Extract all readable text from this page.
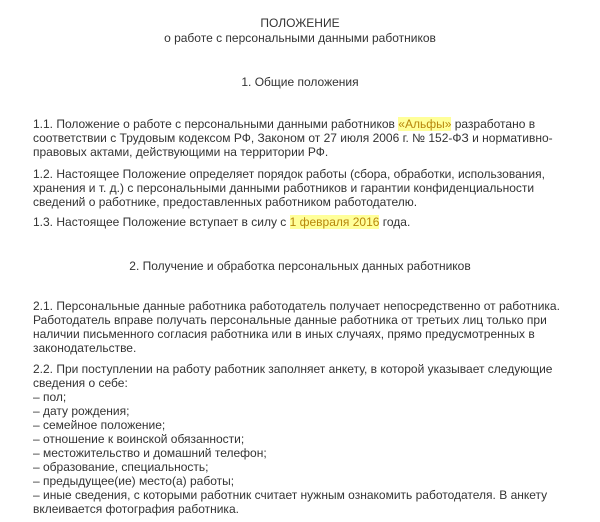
ПОЛОЖЕНИЕ
о работе с персональными данными работников
1. Общие положения
1.1. Положение о работе с персональными данными работников «Альфы» разработано в
соответствии с Трудовым кодексом РФ, Законом от 27 июля 2006 г. № 152-ФЗ и нормативно-
правовых актами, действующими на территории РФ.
1.2. Настоящее Положение определяет порядок работы (сбора, обработки, использования,
хранения и т. д.) с персональными данными работников и гарантии конфиденциальности
сведений о работнике, предоставленных работником работодателю.
1.3. Настоящее Положение вступает в силу с 1 февраля 2016 года.
2. Получение и обработка персональных данных работников
2.1. Персональные данные работника работодатель получает непосредственно от работника.
Работодатель вправе получать персональные данные работника от третьих лиц только при
наличии письменного согласия работника или в иных случаях, прямо предусмотренных в
законодательстве.
2.2. При поступлении на работу работник заполняет анкету, в которой указывает следующие
сведения о себе:
– пол;
– дату рождения;
– семейное положение;
– отношение к воинской обязанности;
– местожительство и домашний телефон;
– образование, специальность;
– предыдущее(ие) место(а) работы;
– иные сведения, с которыми работник считает нужным ознакомить работодателя. В анкету
вклеивается фотография работника.
